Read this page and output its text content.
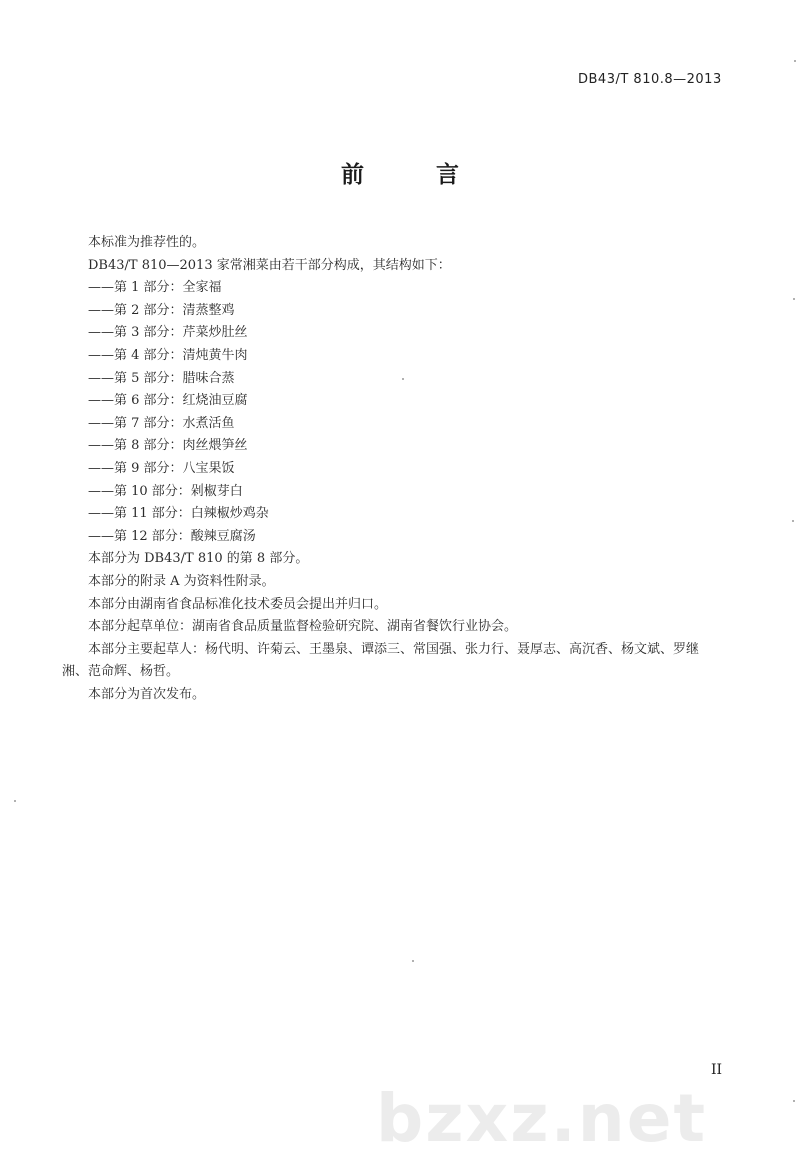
DB43/T 810.8—2013
前 言

本标准为推荐性的。

DB43/T 810—2013 家常湘菜由若干部分构成，其结构如下：

——第 1 部分：全家福

——第 2 部分：清蒸整鸡

——第 3 部分：芹菜炒肚丝

——第 4 部分：清炖黄牛肉

——第 5 部分：腊味合蒸

——第 6 部分：红烧油豆腐

——第 7 部分：水煮活鱼

——第 8 部分：肉丝煨笋丝

——第 9 部分：八宝果饭

——第 10 部分：剁椒芽白

——第 11 部分：白辣椒炒鸡杂

——第 12 部分：酸辣豆腐汤

本部分为 DB43/T 810 的第 8 部分。

本部分的附录 A 为资料性附录。

本部分由湖南省食品标准化技术委员会提出并归口。

本部分起草单位：湖南省食品质量监督检验研究院、湖南省餐饮行业协会。

本部分主要起草人：杨代明、许菊云、王墨泉、谭添三、常国强、张力行、聂厚志、高沉香、杨文斌、罗继湘、范命辉、杨哲。

本部分为首次发布。

bzxz.net
II
